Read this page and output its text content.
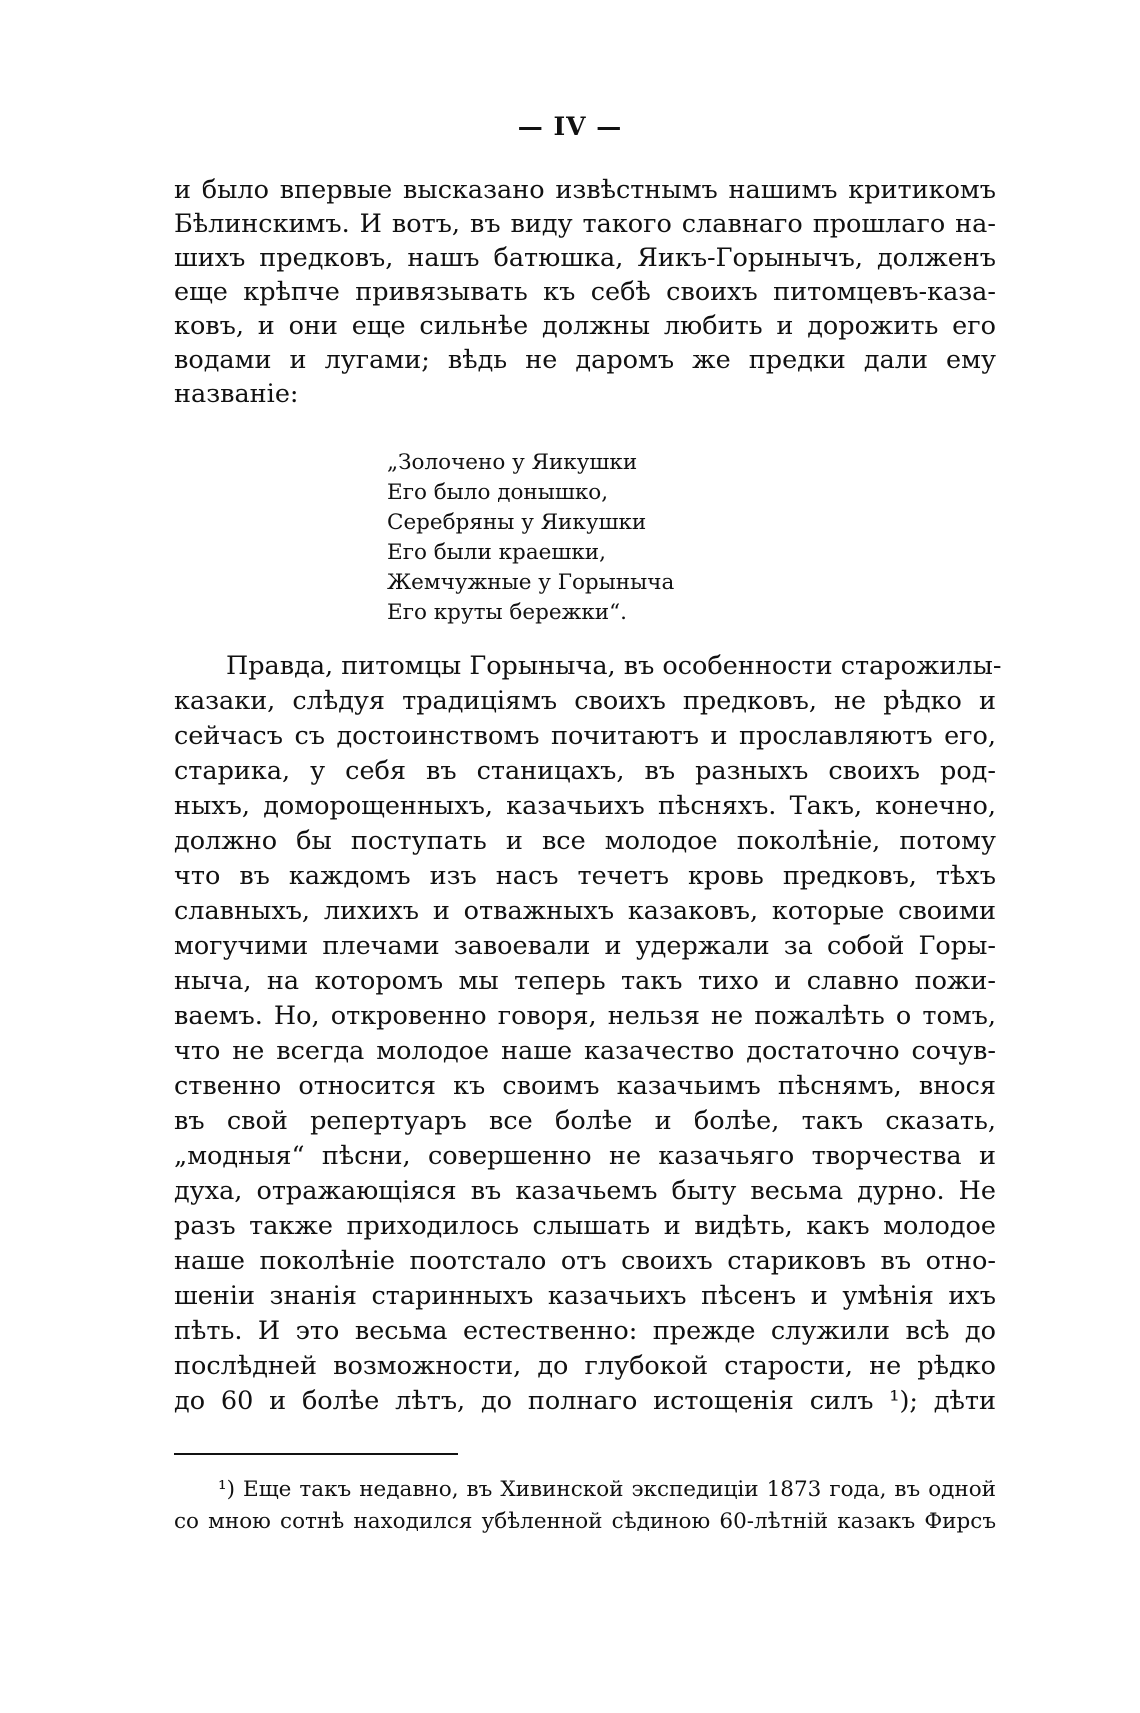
— IV —
и было впервые высказано извѣстнымъ нашимъ критикомъ
Бѣлинскимъ. И вотъ, въ виду такого славнаго прошлаго на-
шихъ предковъ, нашъ батюшка, Яикъ-Горынычъ, долженъ
еще крѣпче привязывать къ себѣ своихъ питомцевъ-каза-
ковъ, и они еще сильнѣе должны любить и дорожить его
водами и лугами; вѣдь не даромъ же предки дали ему
названіе:
„Золочено у Яикушки
Его было донышко,
Серебряны у Яикушки
Его были краешки,
Жемчужные у Горыныча
Его круты бережки“.
Правда, питомцы Горыныча, въ особенности старожилы-
казаки, слѣдуя традиціямъ своихъ предковъ, не рѣдко и
сейчасъ съ достоинствомъ почитаютъ и прославляютъ его,
старика, у себя въ станицахъ, въ разныхъ своихъ род-
ныхъ, доморощенныхъ, казачьихъ пѣсняхъ. Такъ, конечно,
должно бы поступать и все молодое поколѣніе, потому
что въ каждомъ изъ насъ течетъ кровь предковъ, тѣхъ
славныхъ, лихихъ и отважныхъ казаковъ, которые своими
могучими плечами завоевали и удержали за собой Горы-
ныча, на которомъ мы теперь такъ тихо и славно пожи-
ваемъ. Но, откровенно говоря, нельзя не пожалѣть о томъ,
что не всегда молодое наше казачество достаточно сочув-
ственно относится къ своимъ казачьимъ пѣснямъ, внося
въ свой репертуаръ все болѣе и болѣе, такъ сказать,
„модныя“ пѣсни, совершенно не казачьяго творчества и
духа, отражающіяся въ казачьемъ быту весьма дурно. Не
разъ также приходилось слышать и видѣть, какъ молодое
наше поколѣніе поотстало отъ своихъ стариковъ въ отно-
шеніи знанія старинныхъ казачьихъ пѣсенъ и умѣнія ихъ
пѣть. И это весьма естественно: прежде служили всѣ до
послѣдней возможности, до глубокой старости, не рѣдко
до 60 и болѣе лѣтъ, до полнаго истощенія силъ ¹); дѣти
¹) Еще такъ недавно, въ Хивинской экспедиціи 1873 года, въ одной
со мною сотнѣ находился убѣленной сѣдиною 60-лѣтній казакъ Фирсъ
